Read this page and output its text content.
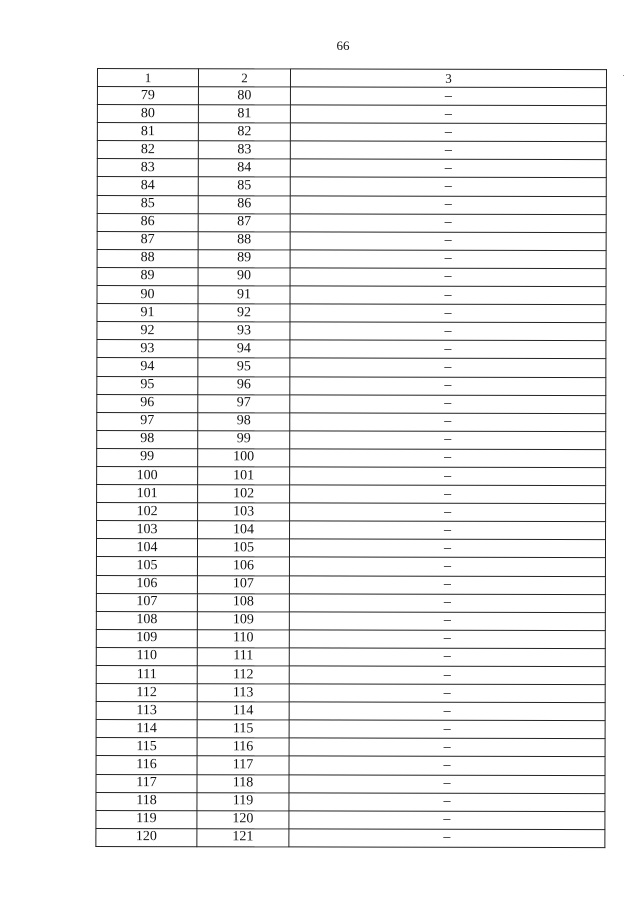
66
1	2	3
79	80	–
80	81	–
81	82	–
82	83	–
83	84	–
84	85	–
85	86	–
86	87	–
87	88	–
88	89	–
89	90	–
90	91	–
91	92	–
92	93	–
93	94	–
94	95	–
95	96	–
96	97	–
97	98	–
98	99	–
99	100	–
100	101	–
101	102	–
102	103	–
103	104	–
104	105	–
105	106	–
106	107	–
107	108	–
108	109	–
109	110	–
110	111	–
111	112	–
112	113	–
113	114	–
114	115	–
115	116	–
116	117	–
117	118	–
118	119	–
119	120	–
120	121	–
